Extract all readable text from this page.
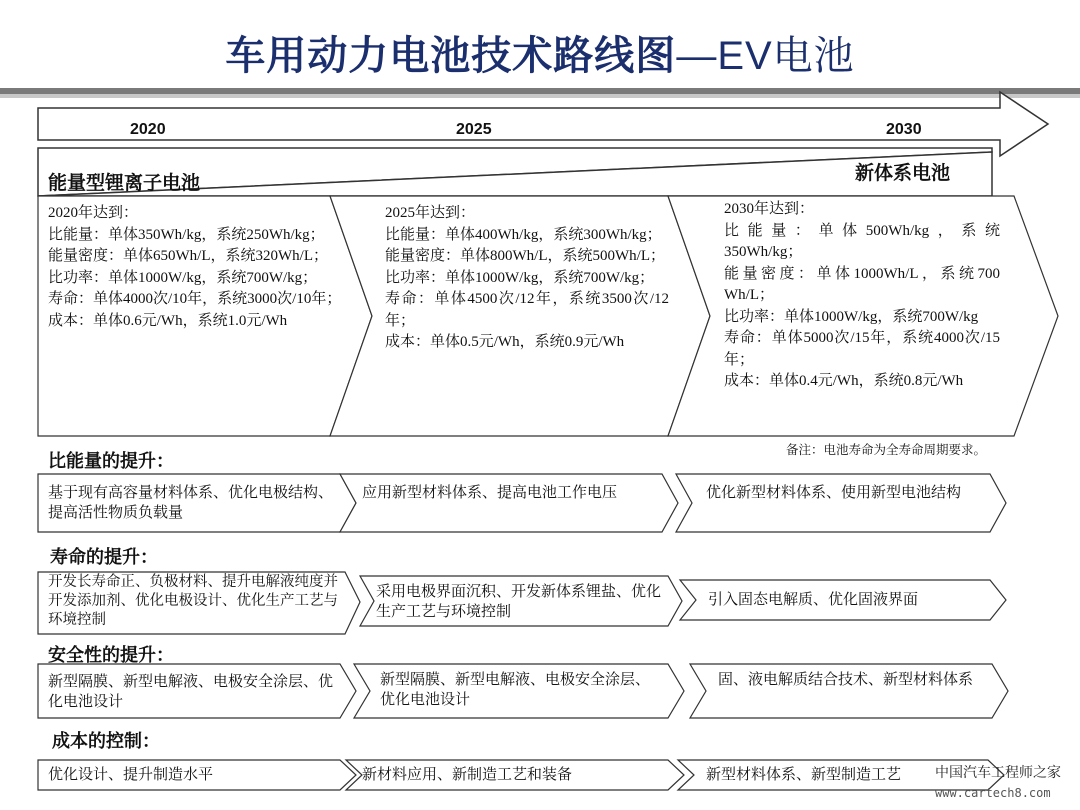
车用动力电池技术路线图—EV电池
2020	2025	2030
能量型锂离子电池	新体系电池
2020年达到：
比能量：单体350Wh/kg，系统250Wh/kg；
能量密度：单体650Wh/L，系统320Wh/L；
比功率：单体1000W/kg，系统700W/kg；
寿命：单体4000次/10年，系统3000次/10年；
成本：单体0.6元/Wh，系统1.0元/Wh
2025年达到：
比能量：单体400Wh/kg，系统300Wh/kg；
能量密度：单体800Wh/L，系统500Wh/L；
比功率：单体1000W/kg，系统700W/kg；
寿命：单体4500次/12年，系统3500次/12年；
成本：单体0.5元/Wh，系统0.9元/Wh
2030年达到：
比能量：单体500Wh/kg，系统350Wh/kg；
能量密度：单体1000Wh/L，系统700 Wh/L；
比功率：单体1000W/kg，系统700W/kg
寿命：单体5000次/15年，系统4000次/15年；
成本：单体0.4元/Wh，系统0.8元/Wh
备注：电池寿命为全寿命周期要求。
比能量的提升：
基于现有高容量材料体系、优化电极结构、提高活性物质负载量
应用新型材料体系、提高电池工作电压	优化新型材料体系、使用新型电池结构
寿命的提升：
开发长寿命正、负极材料、提升电解液纯度并开发添加剂、优化电极设计、优化生产工艺与环境控制
采用电极界面沉积、开发新体系锂盐、优化生产工艺与环境控制
引入固态电解质、优化固液界面
安全性的提升：
新型隔膜、新型电解液、电极安全涂层、优化电池设计
新型隔膜、新型电解液、电极安全涂层、优化电池设计
固、液电解质结合技术、新型材料体系
成本的控制：
优化设计、提升制造水平	新材料应用、新制造工艺和装备	新型材料体系、新型制造工艺	中国汽车工程师之家
www.cartech8.com
